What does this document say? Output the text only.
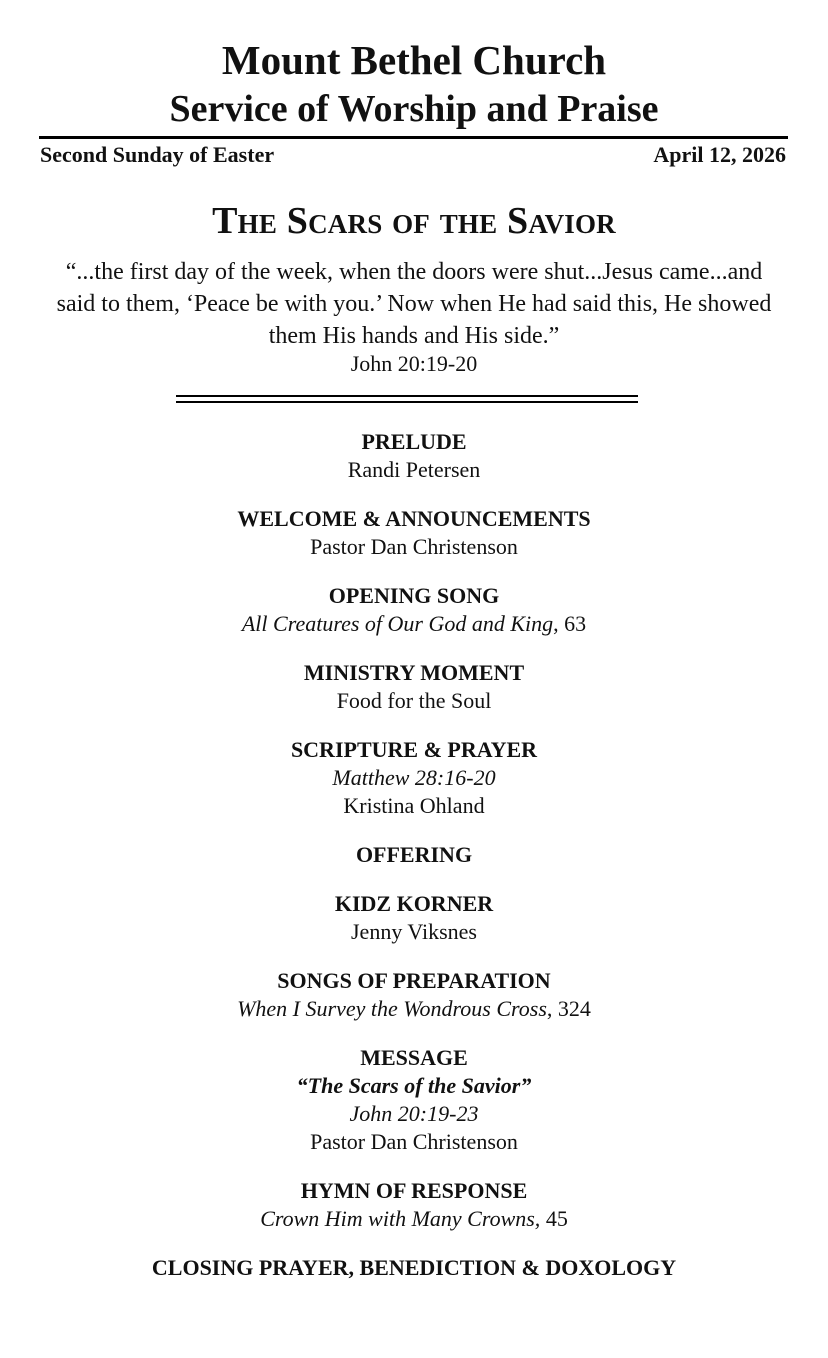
Mount Bethel Church
Service of Worship and Praise
Second Sunday of Easter	April 12, 2026
The Scars of the Savior
“...the first day of the week, when the doors were shut...Jesus came...and said to them, ‘Peace be with you.’ Now when He had said this, He showed them His hands and His side.”
John 20:19-20
PRELUDE
Randi Petersen
WELCOME & ANNOUNCEMENTS
Pastor Dan Christenson
OPENING SONG
All Creatures of Our God and King, 63
MINISTRY MOMENT
Food for the Soul
SCRIPTURE & PRAYER
Matthew 28:16-20
Kristina Ohland
OFFERING
KIDZ KORNER
Jenny Viksnes
SONGS OF PREPARATION
When I Survey the Wondrous Cross, 324
MESSAGE
“The Scars of the Savior”
John 20:19-23
Pastor Dan Christenson
HYMN OF RESPONSE
Crown Him with Many Crowns, 45
CLOSING PRAYER, BENEDICTION & DOXOLOGY
